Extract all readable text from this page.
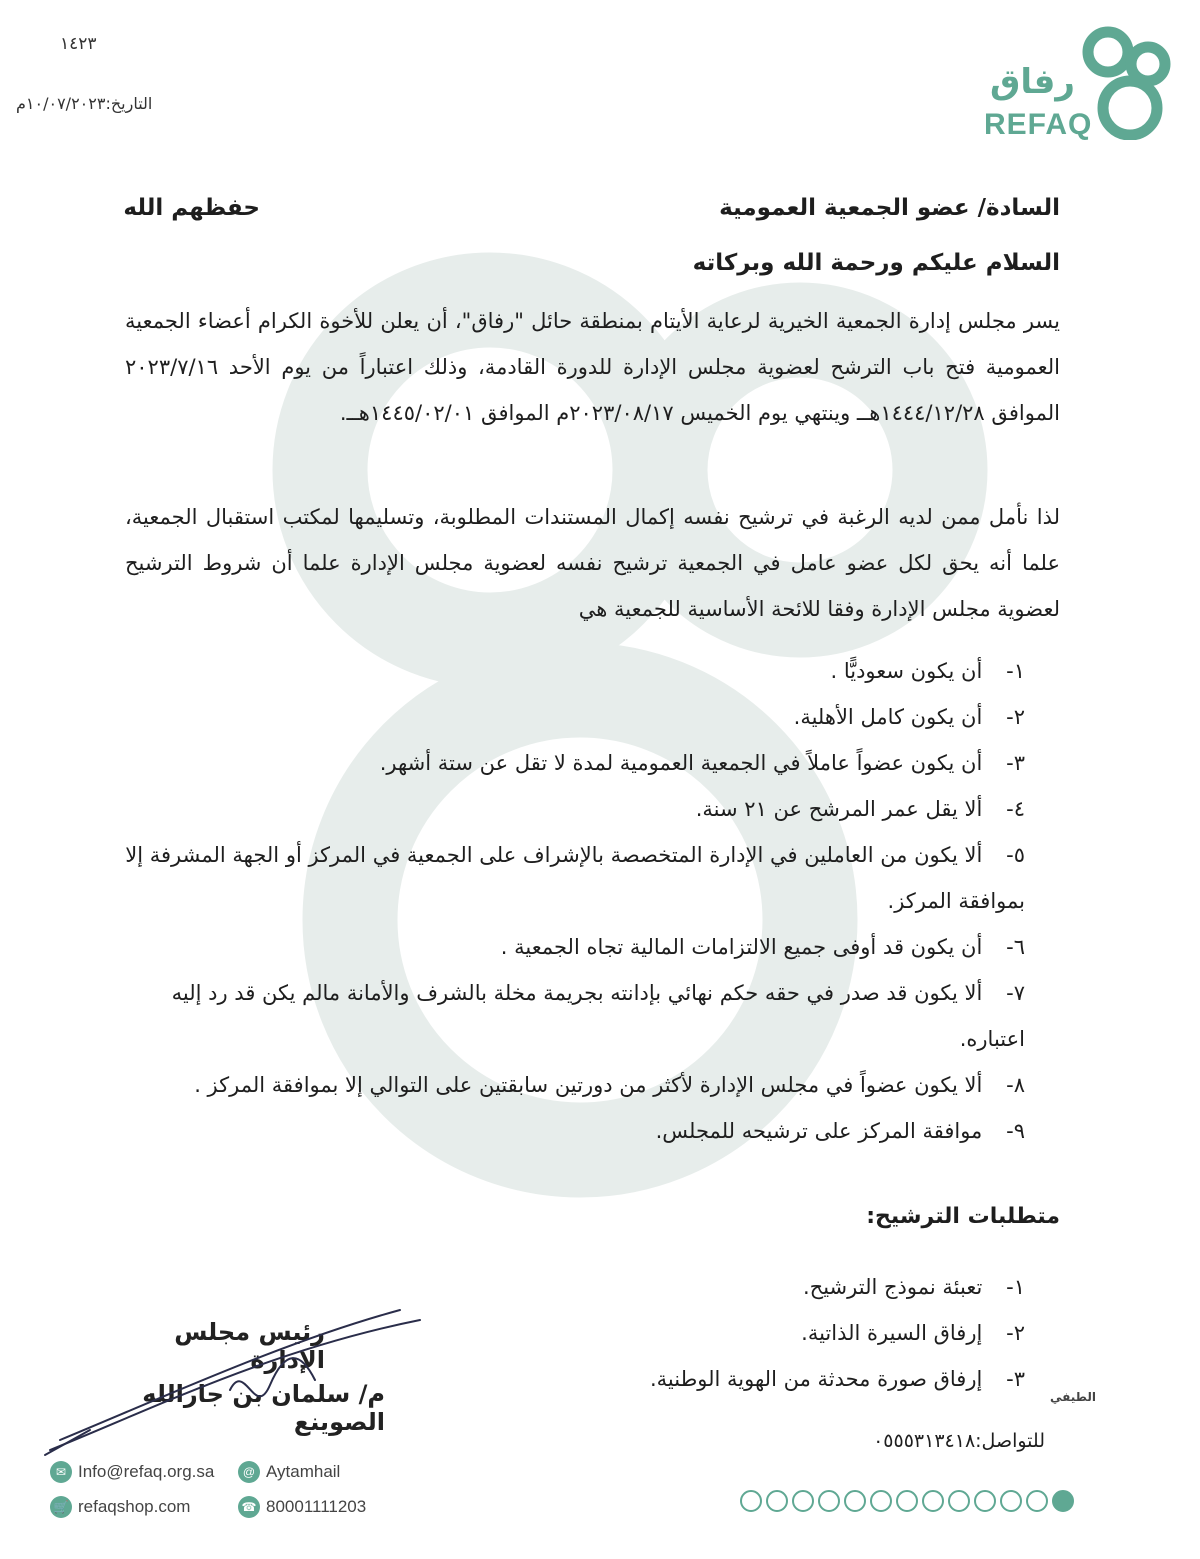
١٤٢٣
التاريخ:١٠/٠٧/٢٠٢٣م
رفاق
REFAQ
السادة/ عضو الجمعية العمومية
حفظهم الله
السلام عليكم ورحمة الله وبركاته
يسر مجلس إدارة الجمعية الخيرية لرعاية الأيتام بمنطقة حائل "رفاق"، أن يعلن للأخوة الكرام أعضاء الجمعية العمومية فتح باب الترشح لعضوية مجلس الإدارة للدورة القادمة، وذلك اعتباراً من يوم الأحد ٢٠٢٣/٧/١٦ الموافق ١٤٤٤/١٢/٢٨هــ وينتهي يوم الخميس ٢٠٢٣/٠٨/١٧م الموافق ١٤٤٥/٠٢/٠١هــ.
لذا نأمل ممن لديه الرغبة في ترشيح نفسه إكمال المستندات المطلوبة، وتسليمها لمكتب استقبال الجمعية، علما أنه يحق لكل عضو عامل في الجمعية ترشيح نفسه لعضوية مجلس الإدارة علما أن شروط الترشيح لعضوية مجلس الإدارة وفقا للائحة الأساسية للجمعية هي
١- أن يكون سعوديًّا .
٢- أن يكون كامل الأهلية.
٣- أن يكون عضواً عاملاً في الجمعية العمومية لمدة لا تقل عن ستة أشهر.
٤- ألا يقل عمر المرشح عن ٢١ سنة.
٥- ألا يكون من العاملين في الإدارة المتخصصة بالإشراف على الجمعية في المركز أو الجهة المشرفة إلا بموافقة المركز.
٦- أن يكون قد أوفى جميع الالتزامات المالية تجاه الجمعية .
٧- ألا يكون قد صدر في حقه حكم نهائي بإدانته بجريمة مخلة بالشرف والأمانة مالم يكن قد رد إليه اعتباره.
٨- ألا يكون عضواً في مجلس الإدارة لأكثر من دورتين سابقتين على التوالي إلا بموافقة المركز .
٩- موافقة المركز على ترشيحه للمجلس.
متطلبات الترشيح:
١- تعبئة نموذج الترشيح.
٢- إرفاق السيرة الذاتية.
٣- إرفاق صورة محدثة من الهوية الوطنية.
الطيفي
للتواصل:٠٥٥٥٣١٣٤١٨
رئيس مجلس الإدارة
م/ سلمان بن جارالله الصوينع
✉ Info@refaq.org.sa	@ Aytamhail
🛒 refaqshop.com	☎ 80001111203
